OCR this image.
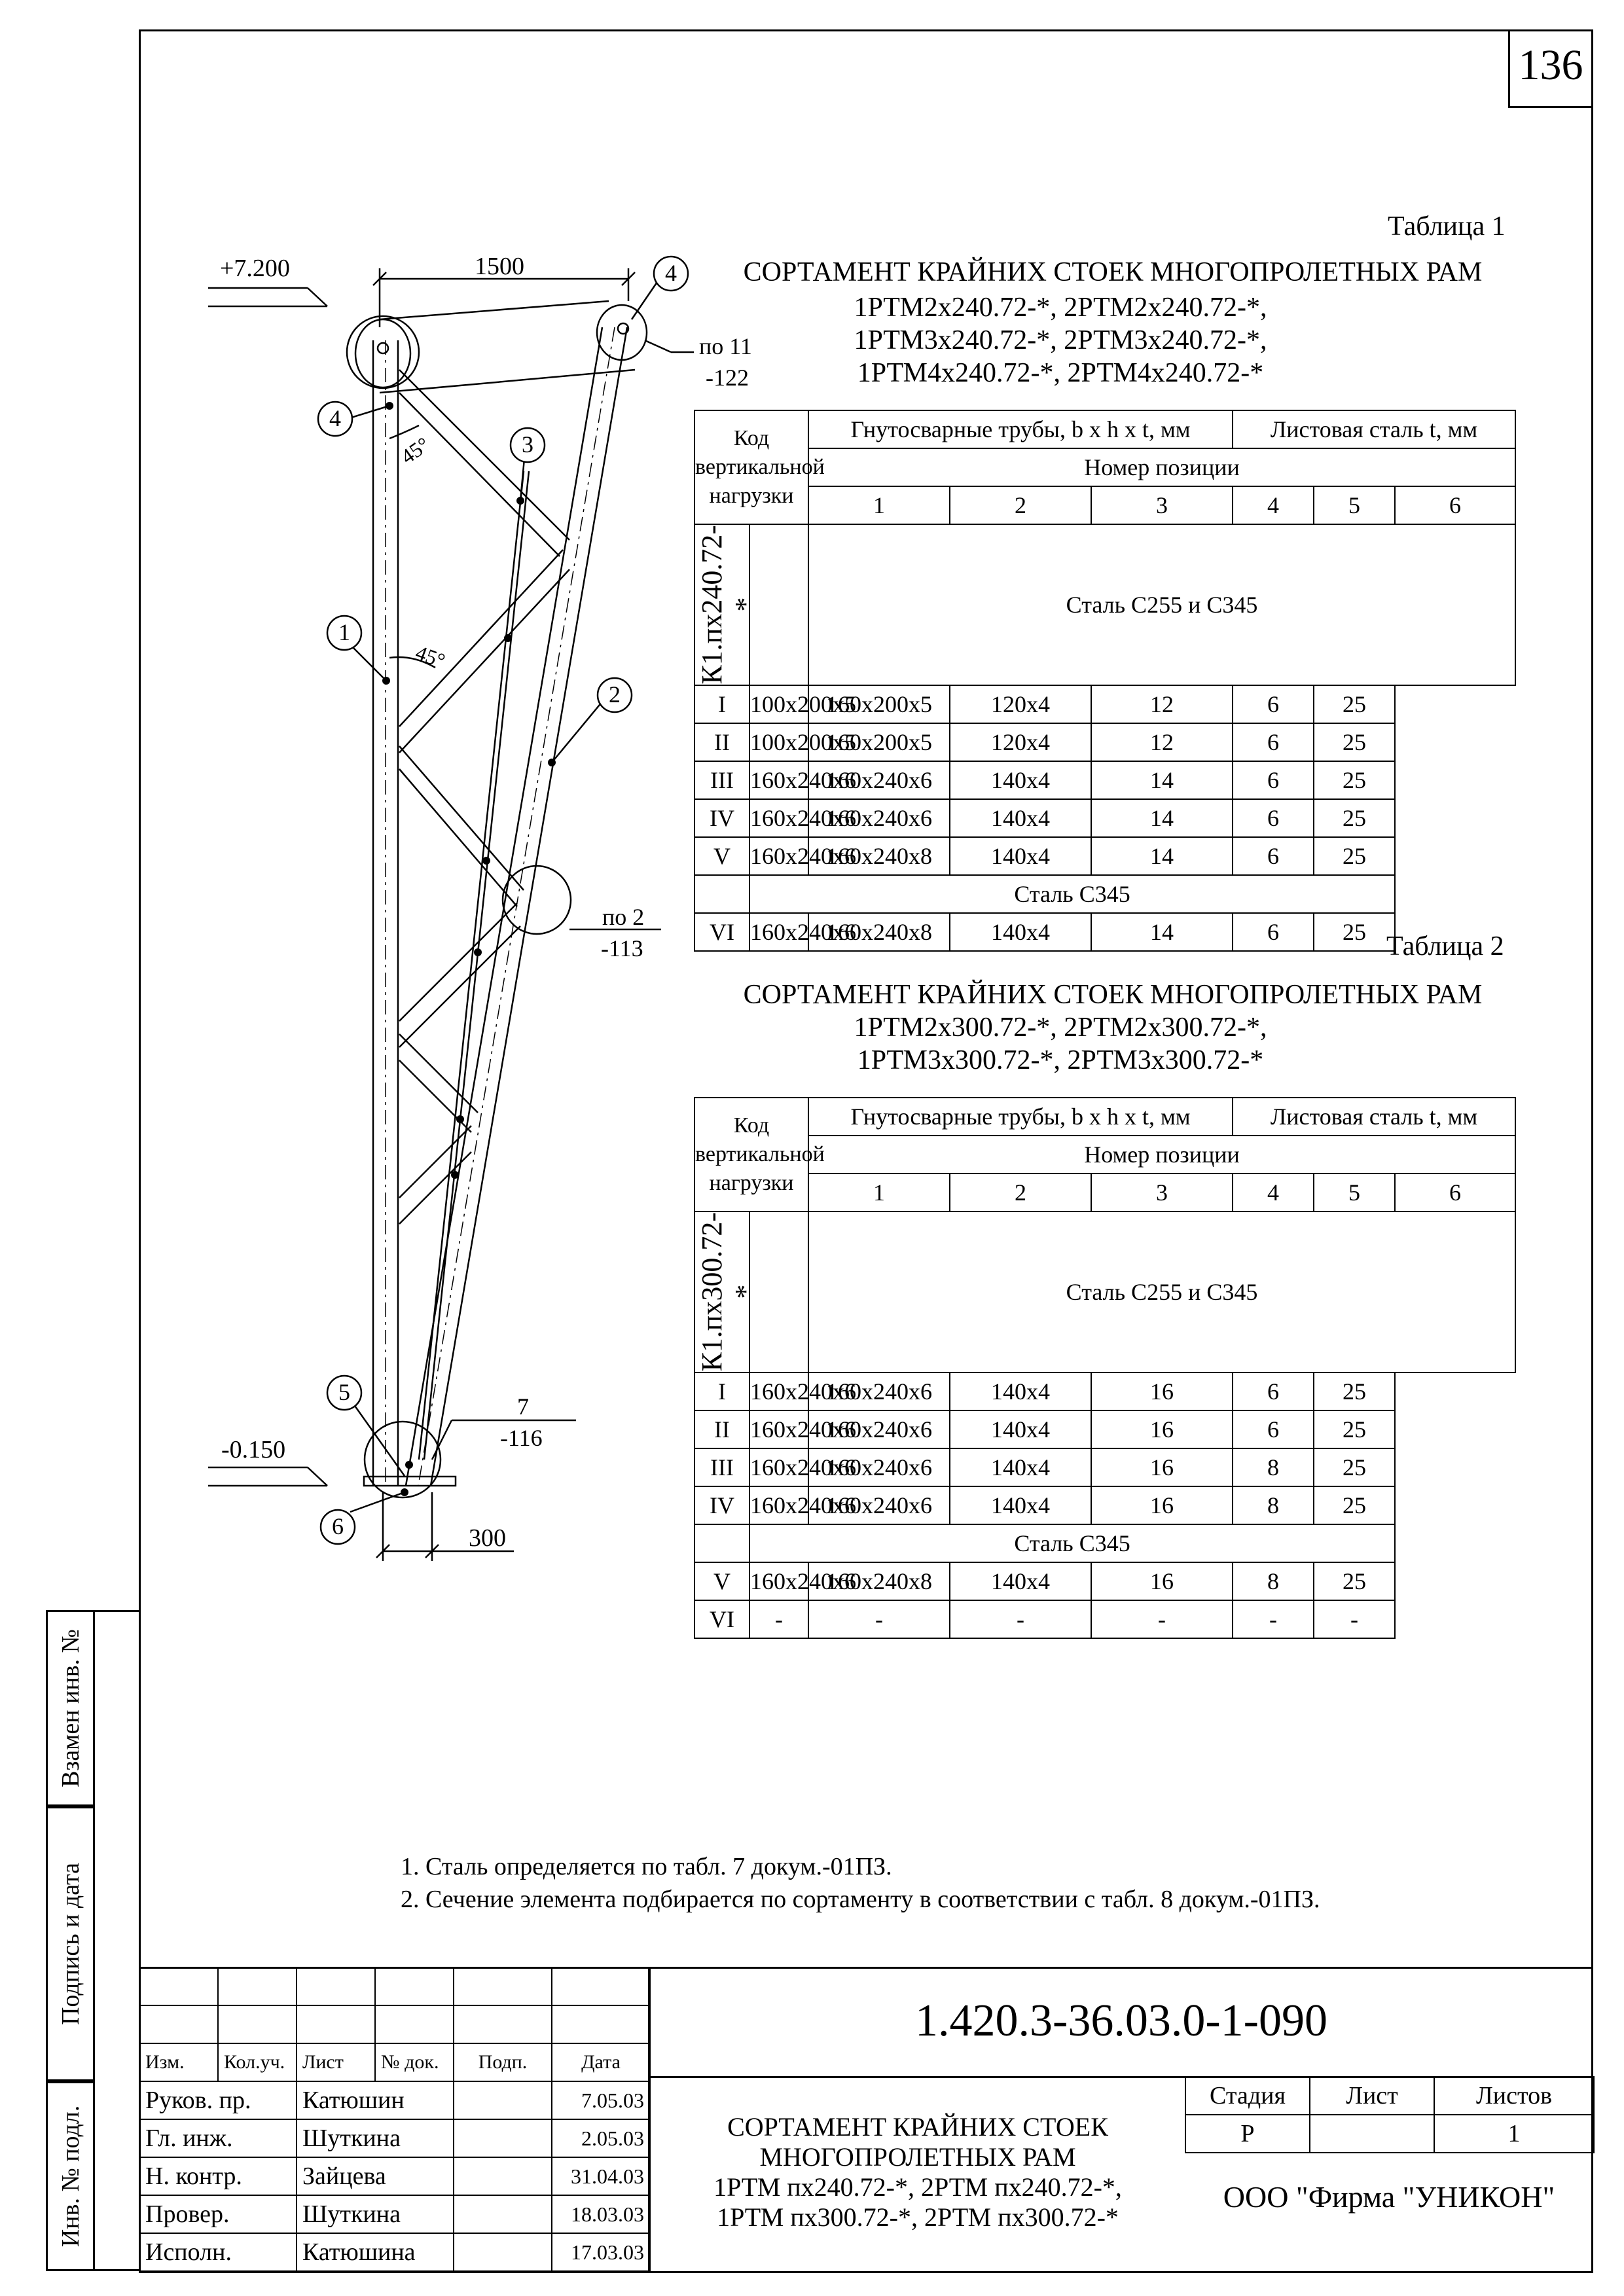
136
+7.200
-0.150
1500
300
45°
45°
4
4
3
1
2
5
6
по 11
-122
по 2
-113
7
-116
Таблица 1
СОРТАМЕНТ КРАЙНИХ СТОЕК МНОГОПРОЛЕТНЫХ РАМ
1РТМ2х240.72-*, 2РТМ2х240.72-*,
1РТМ3х240.72-*, 2РТМ3х240.72-*,
1РТМ4х240.72-*, 2РТМ4х240.72-*
Код вертикальной нагрузки		Гнутосварные трубы, b x h x t, мм			Листовая сталь t, мм		
		Номер позиции					
		1	2	3	4	5	6

К1.пх240.72-*		Сталь С255 и С345					
I	100х200х5	160х200х5	120х4	12	6	25	
II	100х200х5	160х200х5	120х4	12	6	25	
III	160х240х6	160х240х6	140х4	14	6	25	
IV	160х240х6	160х240х6	140х4	14	6	25	
V	160х240х6	160х240х8	140х4	14	6	25	
	Сталь С345						
VI	160х240х6	160х240х8	140х4	14	6	25	Таблица 2
СОРТАМЕНТ КРАЙНИХ СТОЕК МНОГОПРОЛЕТНЫХ РАМ
1РТМ2х300.72-*, 2РТМ2х300.72-*,
1РТМ3х300.72-*, 2РТМ3х300.72-*
Код вертикальной нагрузки		Гнутосварные трубы, b x h x t, мм			Листовая сталь t, мм		
		Номер позиции					
		1	2	3	4	5	6

К1.пх300.72-*		Сталь С255 и С345					
I	160х240х6	160х240х6	140х4	16	6	25	
II	160х240х6	160х240х6	140х4	16	6	25	
III	160х240х6	160х240х6	140х4	16	8	25	
IV	160х240х6	160х240х6	140х4	16	8	25	
	Сталь С345						
V	160х240х6	160х240х8	140х4	16	8	25	
VI	-	-	-	-	-	-	
1. Сталь определяется по табл. 7 докум.-01ПЗ.
2. Сечение элемента подбирается по сортаменту в соответствии с табл. 8 докум.-01ПЗ.
Взамен инв. №
Подпись и дата
Инв. № подл.

Изм.	Кол.уч.	Лист	№ док.	Подп.	Дата
Руков. пр.		Катюшин			7.05.03
Гл. инж.		Шуткина			2.05.03
Н. контр.		Зайцева			31.04.03
Провер.		Шуткина			18.03.03
Исполн.		Катюшина			17.03.03
1.420.3-36.03.0-1-090
СОРТАМЕНТ КРАЙНИХ СТОЕК
МНОГОПРОЛЕТНЫХ РАМ
1РТМ пх240.72-*, 2РТМ пх240.72-*,
1РТМ пх300.72-*, 2РТМ пх300.72-*
Стадия	Лист	Листов
Р		1
ООО "Фирма "УНИКОН"
